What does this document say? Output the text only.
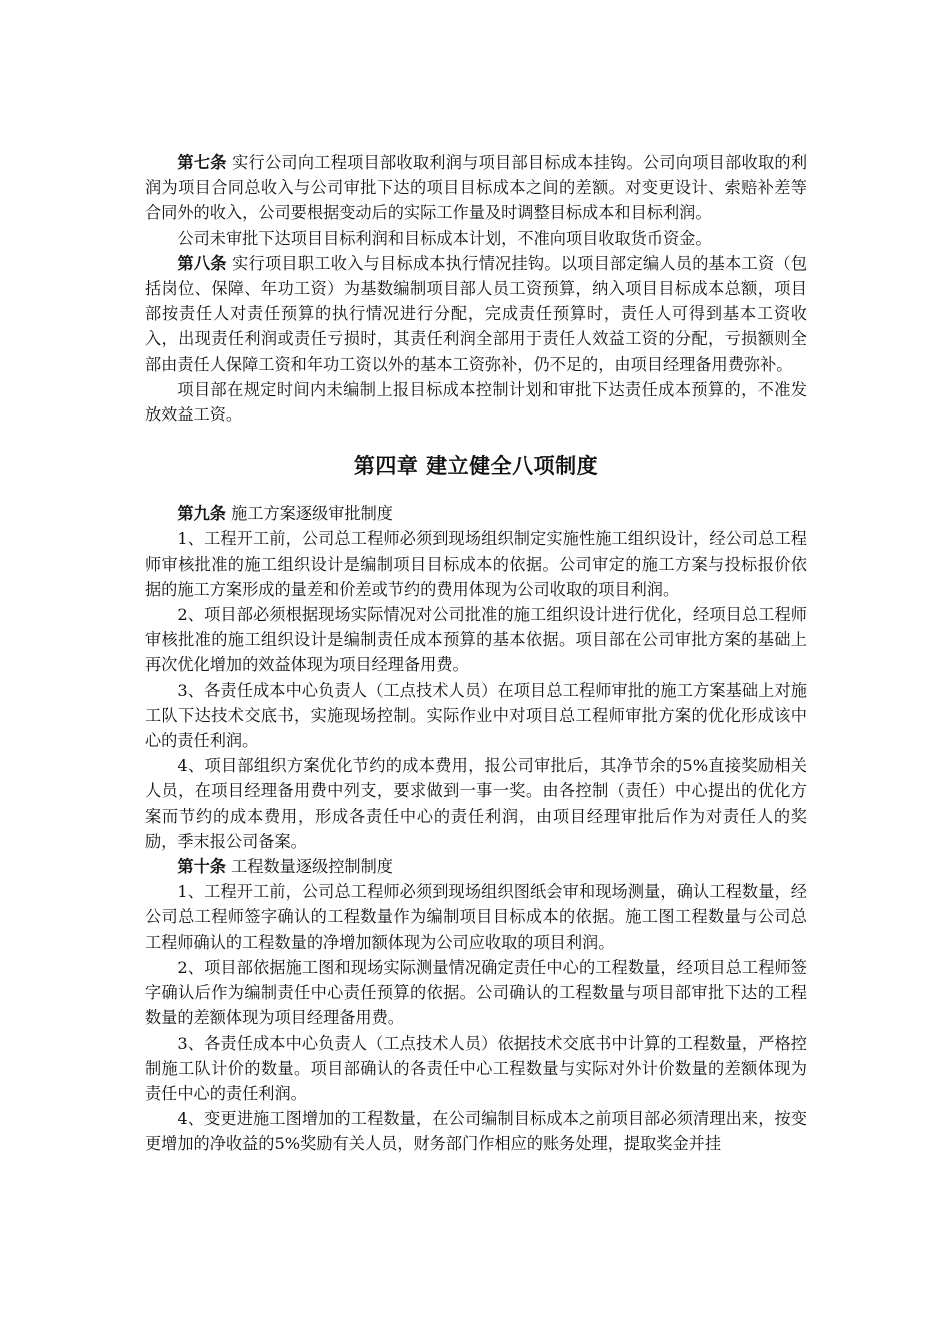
第七条 实行公司向工程项目部收取利润与项目部目标成本挂钩。公司向项目部收取的利润为项目合同总收入与公司审批下达的项目目标成本之间的差额。对变更设计、索赔补差等合同外的收入，公司要根据变动后的实际工作量及时调整目标成本和目标利润。

公司未审批下达项目目标利润和目标成本计划，不准向项目收取货币资金。

第八条 实行项目职工收入与目标成本执行情况挂钩。以项目部定编人员的基本工资（包括岗位、保障、年功工资）为基数编制项目部人员工资预算，纳入项目目标成本总额，项目部按责任人对责任预算的执行情况进行分配，完成责任预算时，责任人可得到基本工资收入，出现责任利润或责任亏损时，其责任利润全部用于责任人效益工资的分配，亏损额则全部由责任人保障工资和年功工资以外的基本工资弥补，仍不足的，由项目经理备用费弥补。

项目部在规定时间内未编制上报目标成本控制计划和审批下达责任成本预算的，不准发放效益工资。

第四章 建立健全八项制度

第九条 施工方案逐级审批制度

1、工程开工前，公司总工程师必须到现场组织制定实施性施工组织设计，经公司总工程师审核批准的施工组织设计是编制项目目标成本的依据。公司审定的施工方案与投标报价依据的施工方案形成的量差和价差或节约的费用体现为公司收取的项目利润。

2、项目部必须根据现场实际情况对公司批准的施工组织设计进行优化，经项目总工程师审核批准的施工组织设计是编制责任成本预算的基本依据。项目部在公司审批方案的基础上再次优化增加的效益体现为项目经理备用费。

3、各责任成本中心负责人（工点技术人员）在项目总工程师审批的施工方案基础上对施工队下达技术交底书，实施现场控制。实际作业中对项目总工程师审批方案的优化形成该中心的责任利润。

4、项目部组织方案优化节约的成本费用，报公司审批后，其净节余的5%直接奖励相关人员，在项目经理备用费中列支，要求做到一事一奖。由各控制（责任）中心提出的优化方案而节约的成本费用，形成各责任中心的责任利润，由项目经理审批后作为对责任人的奖励，季末报公司备案。

第十条 工程数量逐级控制制度

1、工程开工前，公司总工程师必须到现场组织图纸会审和现场测量，确认工程数量，经公司总工程师签字确认的工程数量作为编制项目目标成本的依据。施工图工程数量与公司总工程师确认的工程数量的净增加额体现为公司应收取的项目利润。

2、项目部依据施工图和现场实际测量情况确定责任中心的工程数量，经项目总工程师签字确认后作为编制责任中心责任预算的依据。公司确认的工程数量与项目部审批下达的工程数量的差额体现为项目经理备用费。

3、各责任成本中心负责人（工点技术人员）依据技术交底书中计算的工程数量，严格控制施工队计价的数量。项目部确认的各责任中心工程数量与实际对外计价数量的差额体现为责任中心的责任利润。

4、变更进施工图增加的工程数量，在公司编制目标成本之前项目部必须清理出来，按变更增加的净收益的5%奖励有关人员，财务部门作相应的账务处理，提取奖金并挂
